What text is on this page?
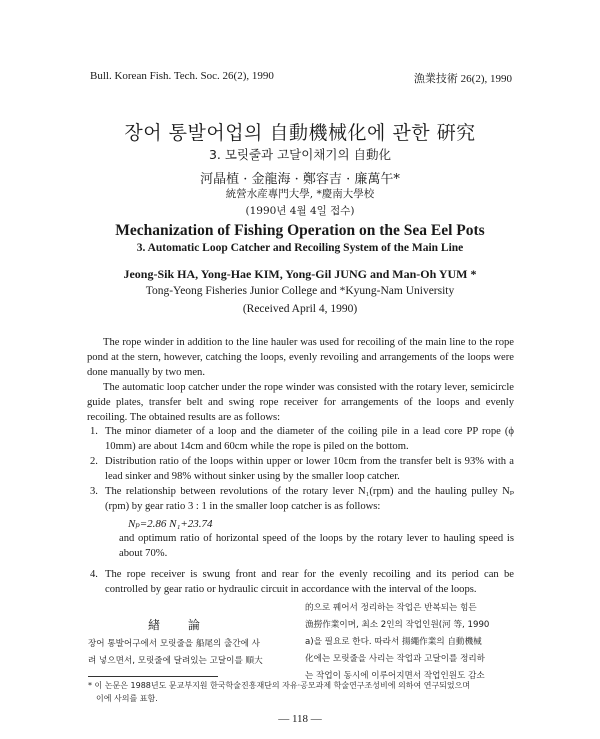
Bull. Korean Fish. Tech. Soc. 26(2), 1990	漁業技術 26(2), 1990
장어 통발어업의 自動機械化에 관한 硏究
3. 모릿줄과 고달이채기의 自動化
河晶植 · 金龍海 · 鄭容吉 · 廉萬午*
統營水産專門大學, *慶南大學校
(1990년 4월 4일 접수)
Mechanization of Fishing Operation on the Sea Eel Pots
3. Automatic Loop Catcher and Recoiling System of the Main Line
Jeong-Sik HA, Yong-Hae KIM, Yong-Gil JUNG and Man-Oh YUM *
Tong-Yeong Fisheries Junior College and *Kyung-Nam University
(Received April 4, 1990)
The rope winder in addition to the line hauler was used for recoiling of the main line to the rope pond at the stern, however, catching the loops, evenly revoiling and arrangements of the loops were done manually by two men.
The automatic loop catcher under the rope winder was consisted with the rotary lever, semicircle guide plates, transfer belt and swing rope receiver for arrangements of the loops and evenly recoiling. The obtained results are as follows:
1. The minor diameter of a loop and the diameter of the coiling pile in a lead core PP rope (ϕ 10mm) are about 14cm and 60cm while the rope is piled on the bottom.
2. Distribution ratio of the loops within upper or lower 10cm from the transfer belt is 93% with a lead sinker and 98% without sinker using by the smaller loop catcher.
3. The relationship between revolutions of the rotary lever N₁(rpm) and the hauling pulley Nₚ (rpm) by gear ratio 3 : 1 in the smaller loop catcher is as follows:
Nₚ=2.86 N₁+23.74
and optimum ratio of horizontal speed of the loops by the rotary lever to hauling speed is about 70%.
4. The rope receiver is swung front and rear for the evenly recoiling and its period can be controlled by gear ratio or hydraulic circuit in accordance with the interval of the loops.
緖 論
장어 통발어구에서 모릿줄을 船尾의 출간에 사
려 넣으면서, 모릿줄에 달려있는 고달이를 順大
的으로 꿰어서 정리하는 작업은 반복되는 힘든
漁撈作業이며, 최소 2인의 작업인원(河 等, 1990
a)을 필요로 한다. 따라서 揚繩作業의 自動機械
化에는 모릿줄을 사리는 작업과 고달이를 정리하
는 작업이 동시에 이루어지면서 작업인원도 감소
* 이 논문은 1988년도 문교부지원 한국학술진흥재단의 자유·공모과제 학술연구조성비에 의하여 연구되었으며
이에 사의를 표함.
— 118 —
